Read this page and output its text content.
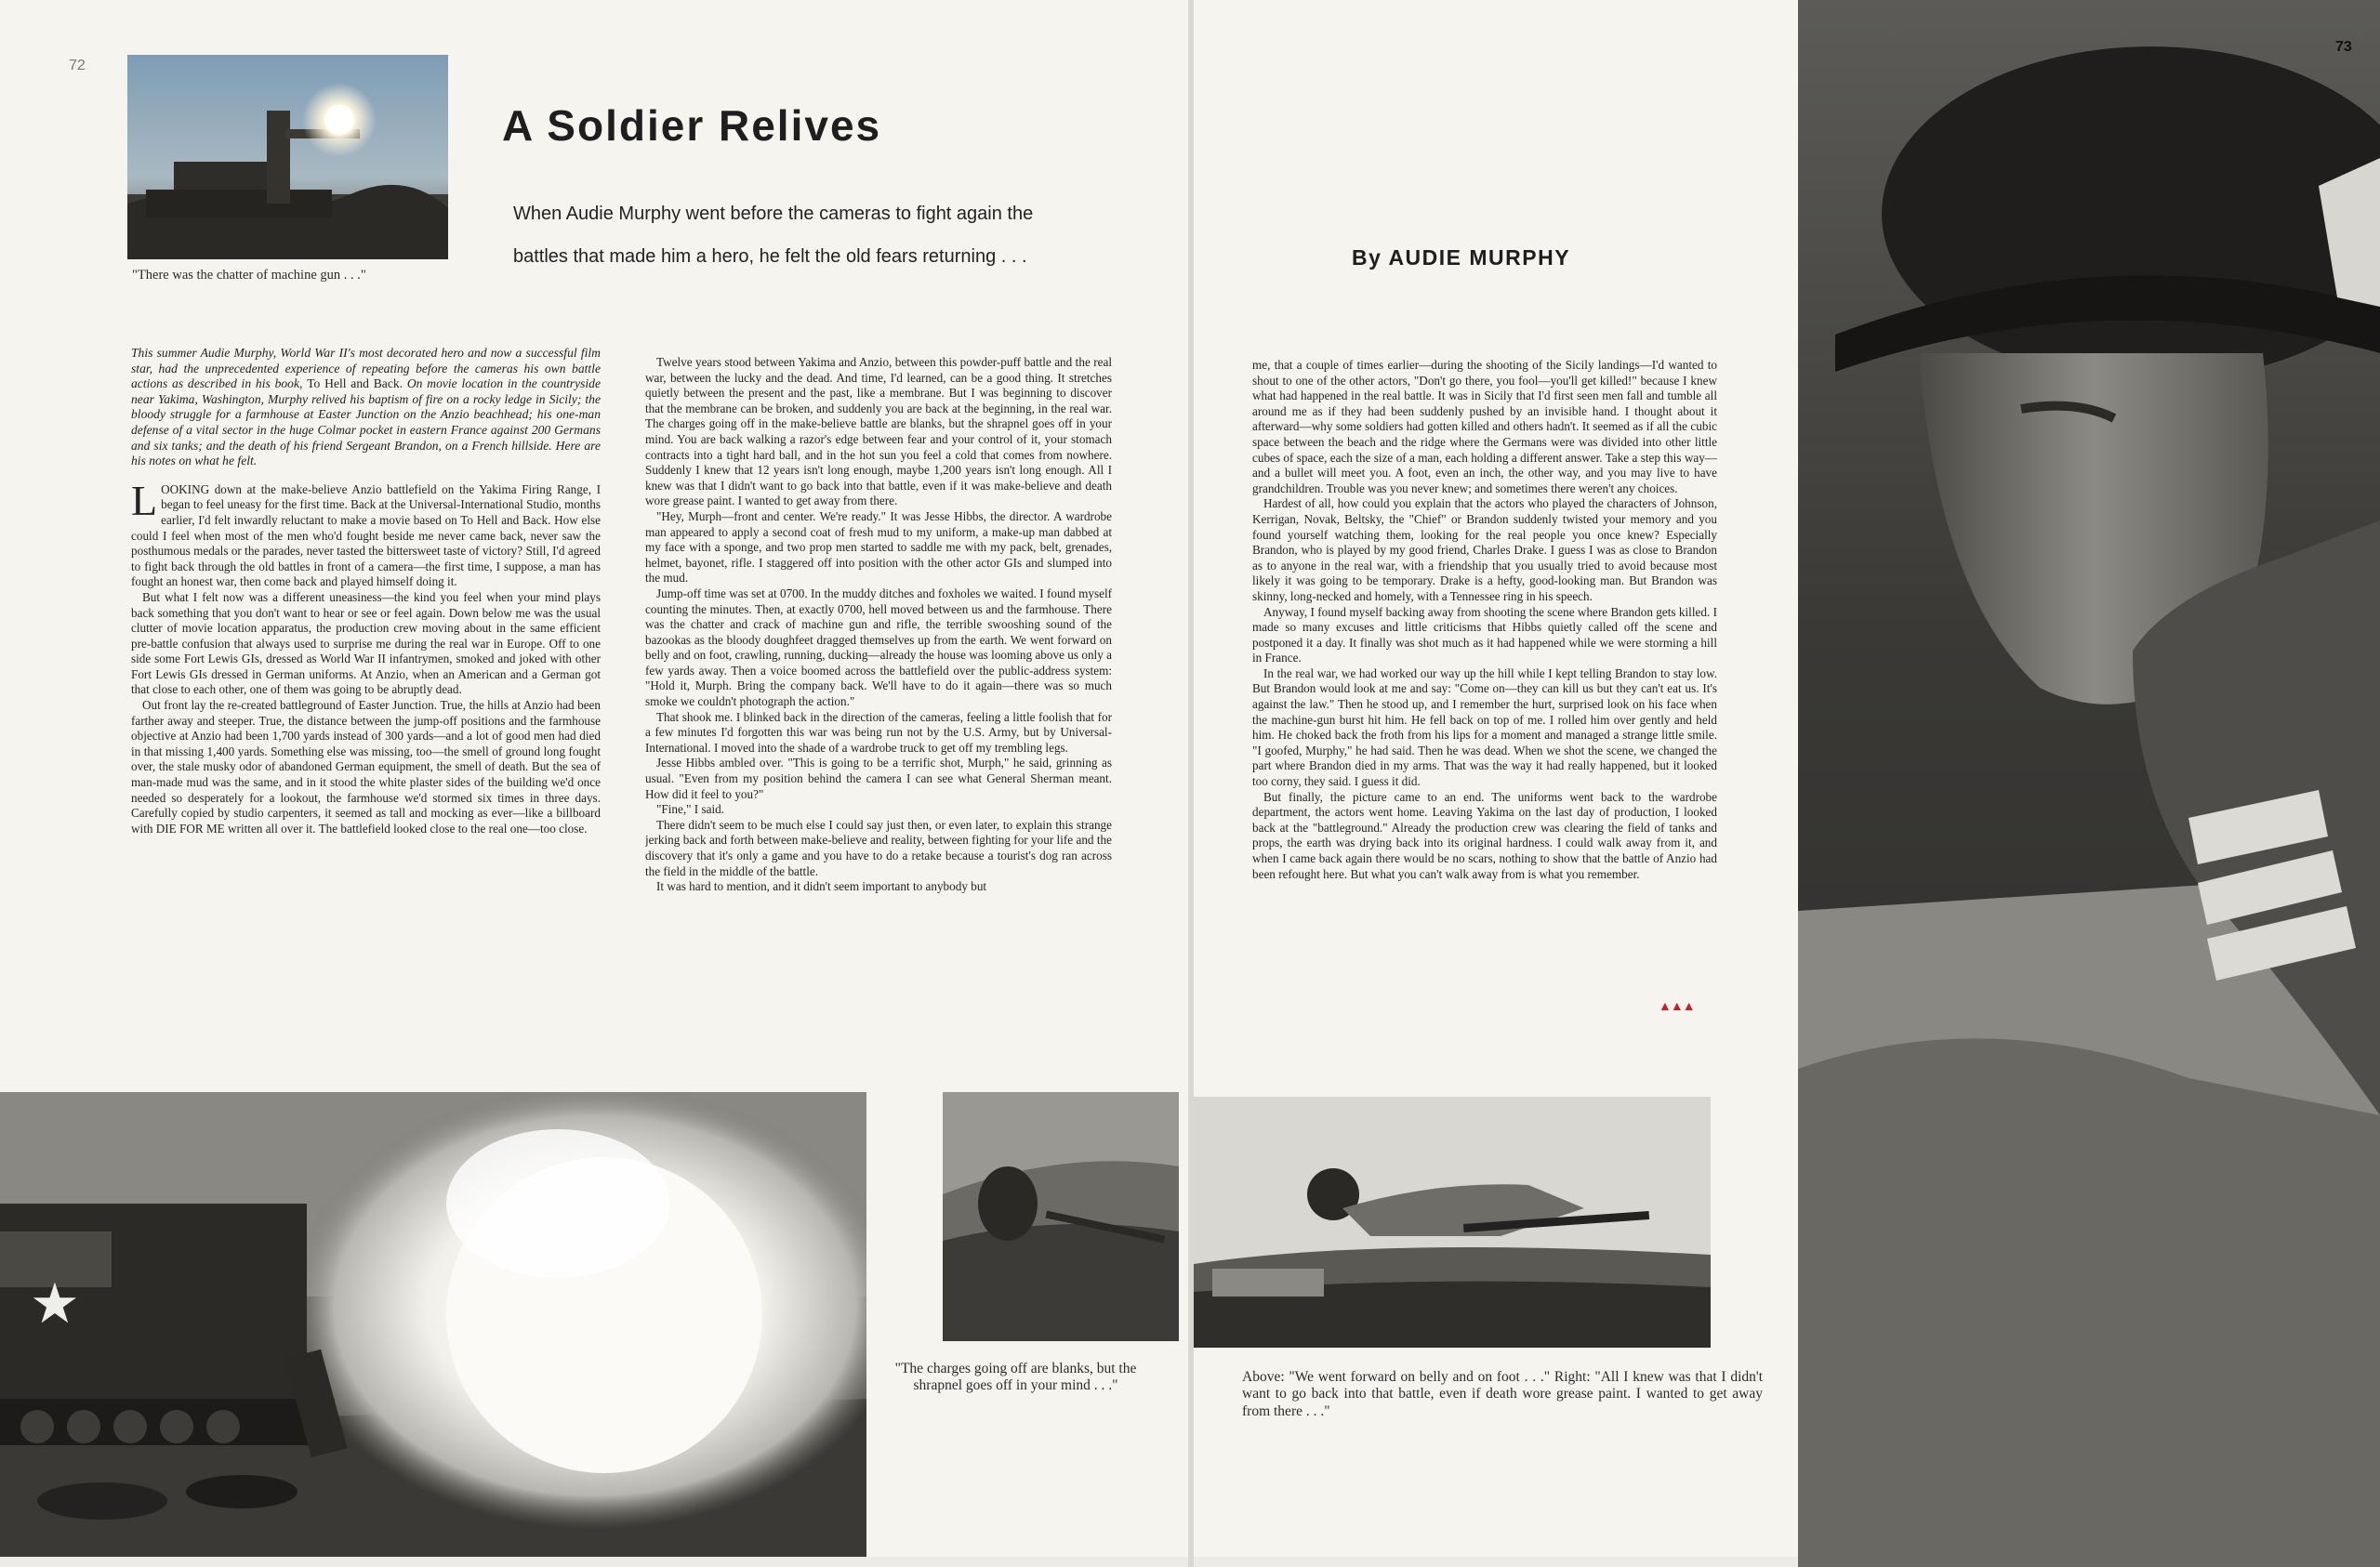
72
"There was the chatter of machine gun . . ."
A Soldier Relives
When Audie Murphy went before the cameras to fight again the
battles that made him a hero, he felt the old fears returning . . .

This summer Audie Murphy, World War II's most decorated hero and now a successful film star, had the unprecedented experience of repeating before the cameras his own battle actions as described in his book, To Hell and Back. On movie location in the countryside near Yakima, Washington, Murphy relived his baptism of fire on a rocky ledge in Sicily; the bloody struggle for a farmhouse at Easter Junction on the Anzio beachhead; his one-man defense of a vital sector in the huge Colmar pocket in eastern France against 200 Germans and six tanks; and the death of his friend Sergeant Brandon, on a French hillside. Here are his notes on what he felt.

LOOKING down at the make-believe Anzio battlefield on the Yakima Firing Range, I began to feel uneasy for the first time. Back at the Universal-International Studio, months earlier, I'd felt inwardly reluctant to make a movie based on To Hell and Back. How else could I feel when most of the men who'd fought beside me never came back, never saw the posthumous medals or the parades, never tasted the bittersweet taste of victory? Still, I'd agreed to fight back through the old battles in front of a camera—the first time, I suppose, a man has fought an honest war, then come back and played himself doing it.

But what I felt now was a different uneasiness—the kind you feel when your mind plays back something that you don't want to hear or see or feel again. Down below me was the usual clutter of movie location apparatus, the production crew moving about in the same efficient pre-battle confusion that always used to surprise me during the real war in Europe. Off to one side some Fort Lewis GIs, dressed as World War II infantrymen, smoked and joked with other Fort Lewis GIs dressed in German uniforms. At Anzio, when an American and a German got that close to each other, one of them was going to be abruptly dead.

Out front lay the re-created battleground of Easter Junction. True, the hills at Anzio had been farther away and steeper. True, the distance between the jump-off positions and the farmhouse objective at Anzio had been 1,700 yards instead of 300 yards—and a lot of good men had died in that missing 1,400 yards. Something else was missing, too—the smell of ground long fought over, the stale musky odor of abandoned German equipment, the smell of death. But the sea of man-made mud was the same, and in it stood the white plaster sides of the building we'd once needed so desperately for a lookout, the farmhouse we'd stormed six times in three days. Carefully copied by studio carpenters, it seemed as tall and mocking as ever—like a billboard with DIE FOR ME written all over it. The battlefield looked close to the real one—too close.

Twelve years stood between Yakima and Anzio, between this powder-puff battle and the real war, between the lucky and the dead. And time, I'd learned, can be a good thing. It stretches quietly between the present and the past, like a membrane. But I was beginning to discover that the membrane can be broken, and suddenly you are back at the beginning, in the real war. The charges going off in the make-believe battle are blanks, but the shrapnel goes off in your mind. You are back walking a razor's edge between fear and your control of it, your stomach contracts into a tight hard ball, and in the hot sun you feel a cold that comes from nowhere. Suddenly I knew that 12 years isn't long enough, maybe 1,200 years isn't long enough. All I knew was that I didn't want to go back into that battle, even if it was make-believe and death wore grease paint. I wanted to get away from there.

"Hey, Murph—front and center. We're ready." It was Jesse Hibbs, the director. A wardrobe man appeared to apply a second coat of fresh mud to my uniform, a make-up man dabbed at my face with a sponge, and two prop men started to saddle me with my pack, belt, grenades, helmet, bayonet, rifle. I staggered off into position with the other actor GIs and slumped into the mud.

Jump-off time was set at 0700. In the muddy ditches and foxholes we waited. I found myself counting the minutes. Then, at exactly 0700, hell moved between us and the farmhouse. There was the chatter and crack of machine gun and rifle, the terrible swooshing sound of the bazookas as the bloody doughfeet dragged themselves up from the earth. We went forward on belly and on foot, crawling, running, ducking—already the house was looming above us only a few yards away. Then a voice boomed across the battlefield over the public-address system: "Hold it, Murph. Bring the company back. We'll have to do it again—there was so much smoke we couldn't photograph the action."

That shook me. I blinked back in the direction of the cameras, feeling a little foolish that for a few minutes I'd forgotten this war was being run not by the U.S. Army, but by Universal-International. I moved into the shade of a wardrobe truck to get off my trembling legs.

Jesse Hibbs ambled over. "This is going to be a terrific shot, Murph," he said, grinning as usual. "Even from my position behind the camera I can see what General Sherman meant. How did it feel to you?"

"Fine," I said.

There didn't seem to be much else I could say just then, or even later, to explain this strange jerking back and forth between make-believe and reality, between fighting for your life and the discovery that it's only a game and you have to do a retake because a tourist's dog ran across the field in the middle of the battle.

It was hard to mention, and it didn't seem important to anybody but

★
"The charges going off are blanks, but the shrapnel goes off in your mind . . ."
By AUDIE MURPHY

me, that a couple of times earlier—during the shooting of the Sicily landings—I'd wanted to shout to one of the other actors, "Don't go there, you fool—you'll get killed!" because I knew what had happened in the real battle. It was in Sicily that I'd first seen men fall and tumble all around me as if they had been suddenly pushed by an invisible hand. I thought about it afterward—why some soldiers had gotten killed and others hadn't. It seemed as if all the cubic space between the beach and the ridge where the Germans were was divided into other little cubes of space, each the size of a man, each holding a different answer. Take a step this way—and a bullet will meet you. A foot, even an inch, the other way, and you may live to have grandchildren. Trouble was you never knew; and sometimes there weren't any choices.

Hardest of all, how could you explain that the actors who played the characters of Johnson, Kerrigan, Novak, Beltsky, the "Chief" or Brandon suddenly twisted your memory and you found yourself watching them, looking for the real people you once knew? Especially Brandon, who is played by my good friend, Charles Drake. I guess I was as close to Brandon as to anyone in the real war, with a friendship that you usually tried to avoid because most likely it was going to be temporary. Drake is a hefty, good-looking man. But Brandon was skinny, long-necked and homely, with a Tennessee ring in his speech.

Anyway, I found myself backing away from shooting the scene where Brandon gets killed. I made so many excuses and little criticisms that Hibbs quietly called off the scene and postponed it a day. It finally was shot much as it had happened while we were storming a hill in France.

In the real war, we had worked our way up the hill while I kept telling Brandon to stay low. But Brandon would look at me and say: "Come on—they can kill us but they can't eat us. It's against the law." Then he stood up, and I remember the hurt, surprised look on his face when the machine-gun burst hit him. He fell back on top of me. I rolled him over gently and held him. He choked back the froth from his lips for a moment and managed a strange little smile. "I goofed, Murphy," he had said. Then he was dead. When we shot the scene, we changed the part where Brandon died in my arms. That was the way it had really happened, but it looked too corny, they said. I guess it did.

But finally, the picture came to an end. The uniforms went back to the wardrobe department, the actors went home. Leaving Yakima on the last day of production, I looked back at the "battleground." Already the production crew was clearing the field of tanks and props, the earth was drying back into its original hardness. I could walk away from it, and when I came back again there would be no scars, nothing to show that the battle of Anzio had been refought here. But what you can't walk away from is what you remember.

▲▲▲
Above: "We went forward on belly and on foot . . ." Right: "All I knew was that I didn't want to go back into that battle, even if death wore grease paint. I wanted to get away from there . . ."
73
